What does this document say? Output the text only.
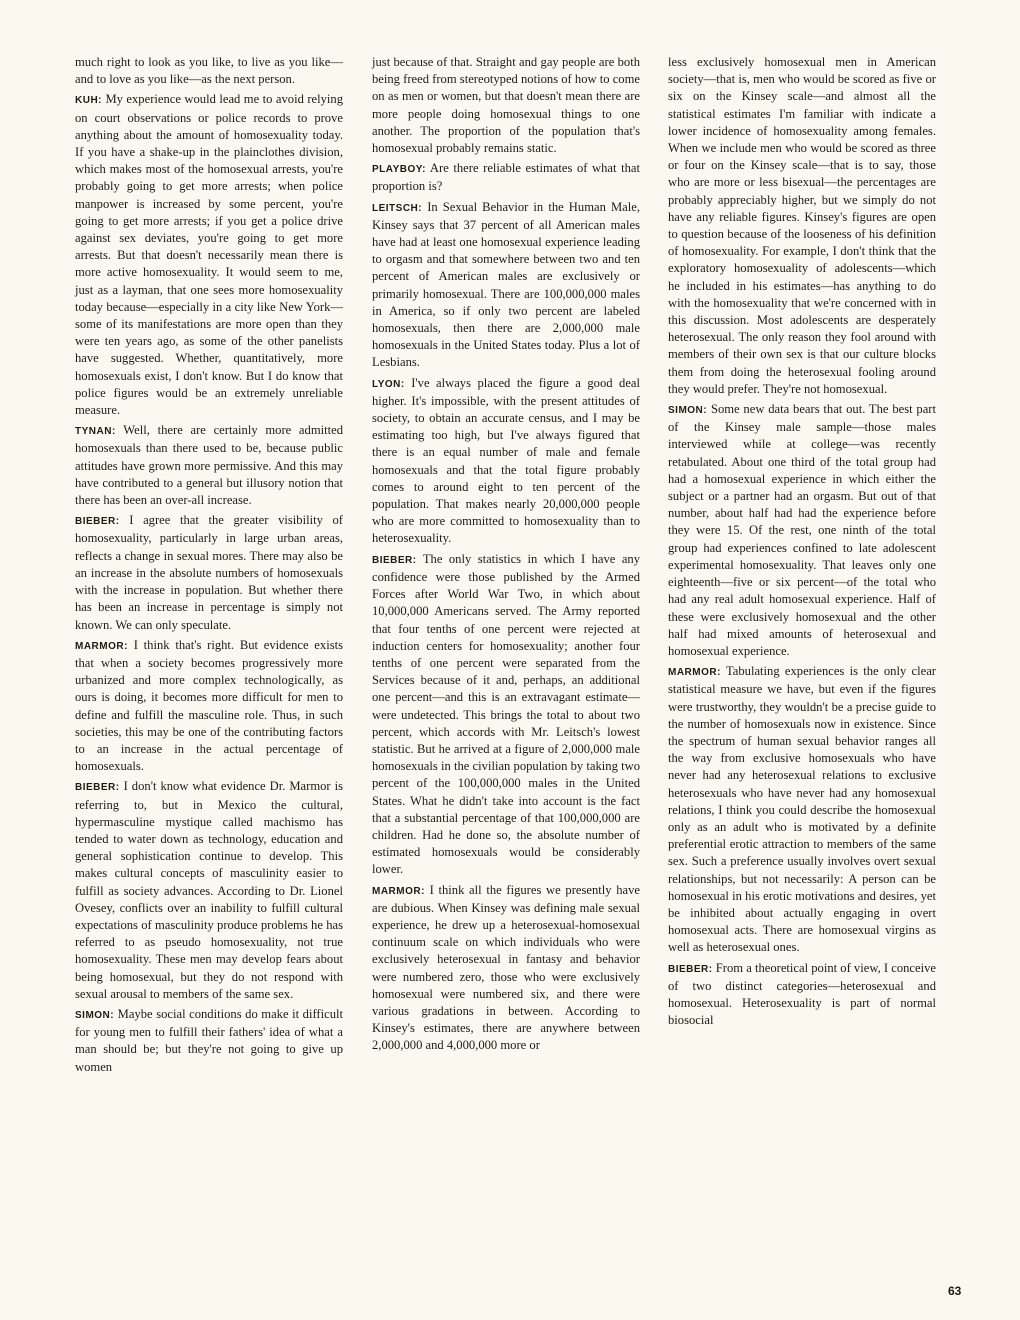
much right to look as you like, to live as you like—and to love as you like—as the next person.

KUH: My experience would lead me to avoid relying on court observations or police records to prove anything about the amount of homosexuality today. If you have a shake-up in the plainclothes division, which makes most of the homosexual arrests, you're probably going to get more arrests; when police manpower is increased by some percent, you're going to get more arrests; if you get a police drive against sex deviates, you're going to get more arrests. But that doesn't necessarily mean there is more active homosexuality. It would seem to me, just as a layman, that one sees more homosexuality today because—especially in a city like New York—some of its manifestations are more open than they were ten years ago, as some of the other panelists have suggested. Whether, quantitatively, more homosexuals exist, I don't know. But I do know that police figures would be an extremely unreliable measure.

TYNAN: Well, there are certainly more admitted homosexuals than there used to be, because public attitudes have grown more permissive. And this may have contributed to a general but illusory notion that there has been an over-all increase.

BIEBER: I agree that the greater visibility of homosexuality, particularly in large urban areas, reflects a change in sexual mores. There may also be an increase in the absolute numbers of homosexuals with the increase in population. But whether there has been an increase in percentage is simply not known. We can only speculate.

MARMOR: I think that's right. But evidence exists that when a society becomes progressively more urbanized and more complex technologically, as ours is doing, it becomes more difficult for men to define and fulfill the masculine role. Thus, in such societies, this may be one of the contributing factors to an increase in the actual percentage of homosexuals.

BIEBER: I don't know what evidence Dr. Marmor is referring to, but in Mexico the cultural, hypermasculine mystique called machismo has tended to water down as technology, education and general sophistication continue to develop. This makes cultural concepts of masculinity easier to fulfill as society advances. According to Dr. Lionel Ovesey, conflicts over an inability to fulfill cultural expectations of masculinity produce problems he has referred to as pseudo homosexuality, not true homosexuality. These men may develop fears about being homosexual, but they do not respond with sexual arousal to members of the same sex.

SIMON: Maybe social conditions do make it difficult for young men to fulfill their fathers' idea of what a man should be; but they're not going to give up women

just because of that. Straight and gay people are both being freed from stereotyped notions of how to come on as men or women, but that doesn't mean there are more people doing homosexual things to one another. The proportion of the population that's homosexual probably remains static.

PLAYBOY: Are there reliable estimates of what that proportion is?

LEITSCH: In Sexual Behavior in the Human Male, Kinsey says that 37 percent of all American males have had at least one homosexual experience leading to orgasm and that somewhere between two and ten percent of American males are exclusively or primarily homosexual. There are 100,000,000 males in America, so if only two percent are labeled homosexuals, then there are 2,000,000 male homosexuals in the United States today. Plus a lot of Lesbians.

LYON: I've always placed the figure a good deal higher. It's impossible, with the present attitudes of society, to obtain an accurate census, and I may be estimating too high, but I've always figured that there is an equal number of male and female homosexuals and that the total figure probably comes to around eight to ten percent of the population. That makes nearly 20,000,000 people who are more committed to homosexuality than to heterosexuality.

BIEBER: The only statistics in which I have any confidence were those published by the Armed Forces after World War Two, in which about 10,000,000 Americans served. The Army reported that four tenths of one percent were rejected at induction centers for homosexuality; another four tenths of one percent were separated from the Services because of it and, perhaps, an additional one percent—and this is an extravagant estimate—were undetected. This brings the total to about two percent, which accords with Mr. Leitsch's lowest statistic. But he arrived at a figure of 2,000,000 male homosexuals in the civilian population by taking two percent of the 100,000,000 males in the United States. What he didn't take into account is the fact that a substantial percentage of that 100,000,000 are children. Had he done so, the absolute number of estimated homosexuals would be considerably lower.

MARMOR: I think all the figures we presently have are dubious. When Kinsey was defining male sexual experience, he drew up a heterosexual-homosexual continuum scale on which individuals who were exclusively heterosexual in fantasy and behavior were numbered zero, those who were exclusively homosexual were numbered six, and there were various gradations in between. According to Kinsey's estimates, there are anywhere between 2,000,000 and 4,000,000 more or

less exclusively homosexual men in American society—that is, men who would be scored as five or six on the Kinsey scale—and almost all the statistical estimates I'm familiar with indicate a lower incidence of homosexuality among females. When we include men who would be scored as three or four on the Kinsey scale—that is to say, those who are more or less bisexual—the percentages are probably appreciably higher, but we simply do not have any reliable figures. Kinsey's figures are open to question because of the looseness of his definition of homosexuality. For example, I don't think that the exploratory homosexuality of adolescents—which he included in his estimates—has anything to do with the homosexuality that we're concerned with in this discussion. Most adolescents are desperately heterosexual. The only reason they fool around with members of their own sex is that our culture blocks them from doing the heterosexual fooling around they would prefer. They're not homosexual.

SIMON: Some new data bears that out. The best part of the Kinsey male sample—those males interviewed while at college—was recently retabulated. About one third of the total group had had a homosexual experience in which either the subject or a partner had an orgasm. But out of that number, about half had had the experience before they were 15. Of the rest, one ninth of the total group had experiences confined to late adolescent experimental homosexuality. That leaves only one eighteenth—five or six percent—of the total who had any real adult homosexual experience. Half of these were exclusively homosexual and the other half had mixed amounts of heterosexual and homosexual experience.

MARMOR: Tabulating experiences is the only clear statistical measure we have, but even if the figures were trustworthy, they wouldn't be a precise guide to the number of homosexuals now in existence. Since the spectrum of human sexual behavior ranges all the way from exclusive homosexuals who have never had any heterosexual relations to exclusive heterosexuals who have never had any homosexual relations, I think you could describe the homosexual only as an adult who is motivated by a definite preferential erotic attraction to members of the same sex. Such a preference usually involves overt sexual relationships, but not necessarily: A person can be homosexual in his erotic motivations and desires, yet be inhibited about actually engaging in overt homosexual acts. There are homosexual virgins as well as heterosexual ones.

BIEBER: From a theoretical point of view, I conceive of two distinct categories—heterosexual and homosexual. Heterosexuality is part of normal biosocial

63
